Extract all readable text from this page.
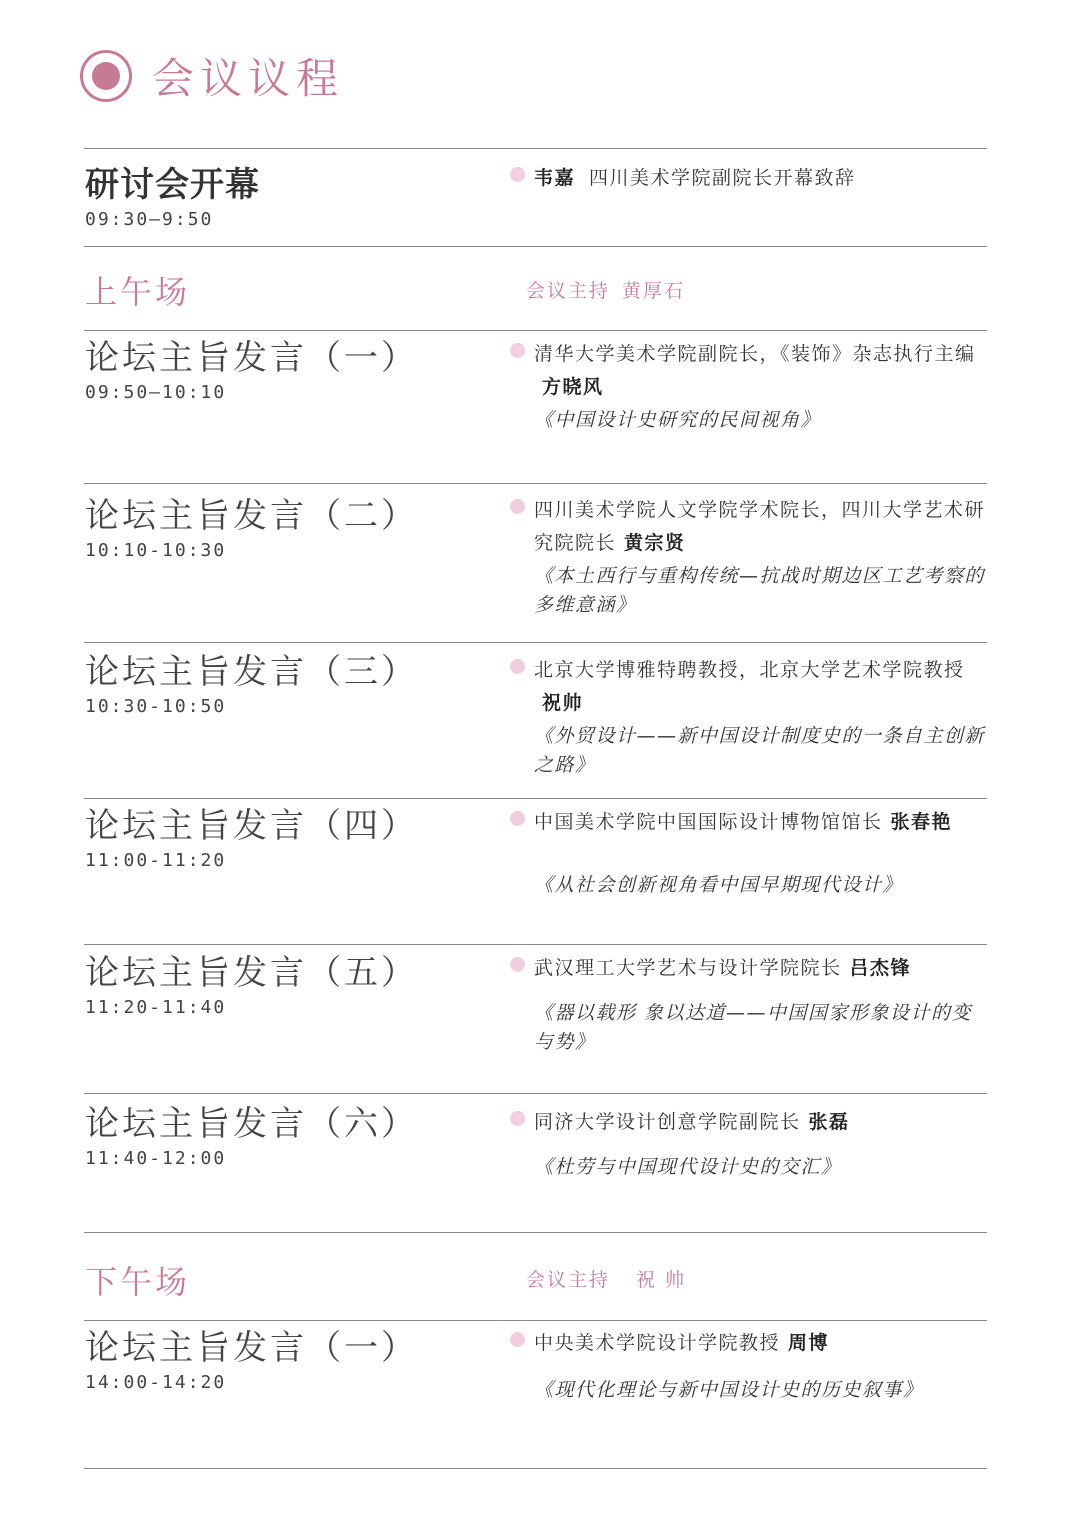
会议议程
研讨会开幕
09:30—9:50
韦嘉 四川美术学院副院长开幕致辞
上午场	会议主持 黄厚石
论坛主旨发言（一）
09:50—10:10
清华大学美术学院副院长，《装饰》杂志执行主编方晓风
《中国设计史研究的民间视角》
论坛主旨发言（二）
10:10-10:30
四川美术学院人文学院学术院长，四川大学艺术研究院院长 黄宗贤
《本土西行与重构传统—抗战时期边区工艺考察的多维意涵》
论坛主旨发言（三）
10:30-10:50
北京大学博雅特聘教授，北京大学艺术学院教授祝帅
《外贸设计——新中国设计制度史的一条自主创新之路》
论坛主旨发言（四）
11:00-11:20
中国美术学院中国国际设计博物馆馆长 张春艳
《从社会创新视角看中国早期现代设计》
论坛主旨发言（五）
11:20-11:40
武汉理工大学艺术与设计学院院长 吕杰锋
《器以载形 象以达道——中国国家形象设计的变与势》
论坛主旨发言（六）
11:40-12:00
同济大学设计创意学院副院长 张磊
《杜劳与中国现代设计史的交汇》
下午场	会议主持 祝 帅
论坛主旨发言（一）
14:00-14:20
中央美术学院设计学院教授 周博
《现代化理论与新中国设计史的历史叙事》
